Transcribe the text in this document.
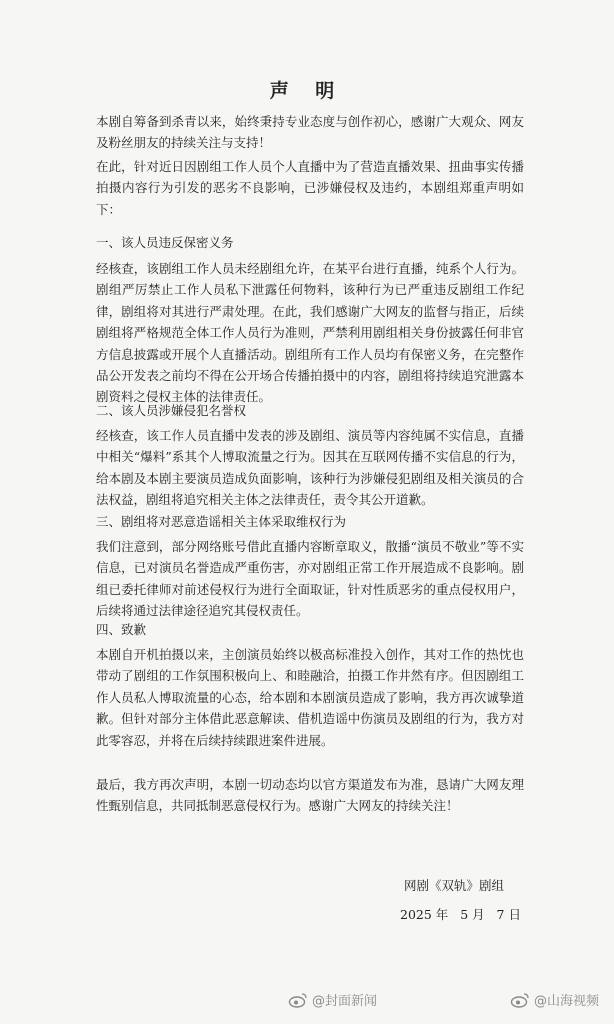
声 明

本剧自筹备到杀青以来，始终秉持专业态度与创作初心，感谢广大观众、网友及粉丝朋友的持续关注与支持！

在此，针对近日因剧组工作人员个人直播中为了营造直播效果、扭曲事实传播拍摄内容行为引发的恶劣不良影响，已涉嫌侵权及违约，本剧组郑重声明如下：

一、该人员违反保密义务

经核查，该剧组工作人员未经剧组允许，在某平台进行直播，纯系个人行为。剧组严厉禁止工作人员私下泄露任何物料，该种行为已严重违反剧组工作纪律，剧组将对其进行严肃处理。在此，我们感谢广大网友的监督与指正，后续剧组将严格规范全体工作人员行为准则，严禁利用剧组相关身份披露任何非官方信息披露或开展个人直播活动。剧组所有工作人员均有保密义务，在完整作品公开发表之前均不得在公开场合传播拍摄中的内容，剧组将持续追究泄露本剧资料之侵权主体的法律责任。

二、该人员涉嫌侵犯名誉权

经核查，该工作人员直播中发表的涉及剧组、演员等内容纯属不实信息，直播中相关“爆料”系其个人博取流量之行为。因其在互联网传播不实信息的行为，给本剧及本剧主要演员造成负面影响，该种行为涉嫌侵犯剧组及相关演员的合法权益，剧组将追究相关主体之法律责任，责令其公开道歉。

三、剧组将对恶意造谣相关主体采取维权行为

我们注意到，部分网络账号借此直播内容断章取义，散播“演员不敬业”等不实信息，已对演员名誉造成严重伤害，亦对剧组正常工作开展造成不良影响。剧组已委托律师对前述侵权行为进行全面取证，针对性质恶劣的重点侵权用户，后续将通过法律途径追究其侵权责任。

四、致歉

本剧自开机拍摄以来，主创演员始终以极高标准投入创作，其对工作的热忱也带动了剧组的工作氛围积极向上、和睦融洽，拍摄工作井然有序。但因剧组工作人员私人博取流量的心态，给本剧和本剧演员造成了影响，我方再次诚挚道歉。但针对部分主体借此恶意解读、借机造谣中伤演员及剧组的行为，我方对此零容忍，并将在后续持续跟进案件进展。

最后，我方再次声明，本剧一切动态均以官方渠道发布为准，恳请广大网友理性甄别信息，共同抵制恶意侵权行为。感谢广大网友的持续关注！

网剧《双轨》剧组
2025 年   5 月   7 日
@封面新闻	@山海视频
